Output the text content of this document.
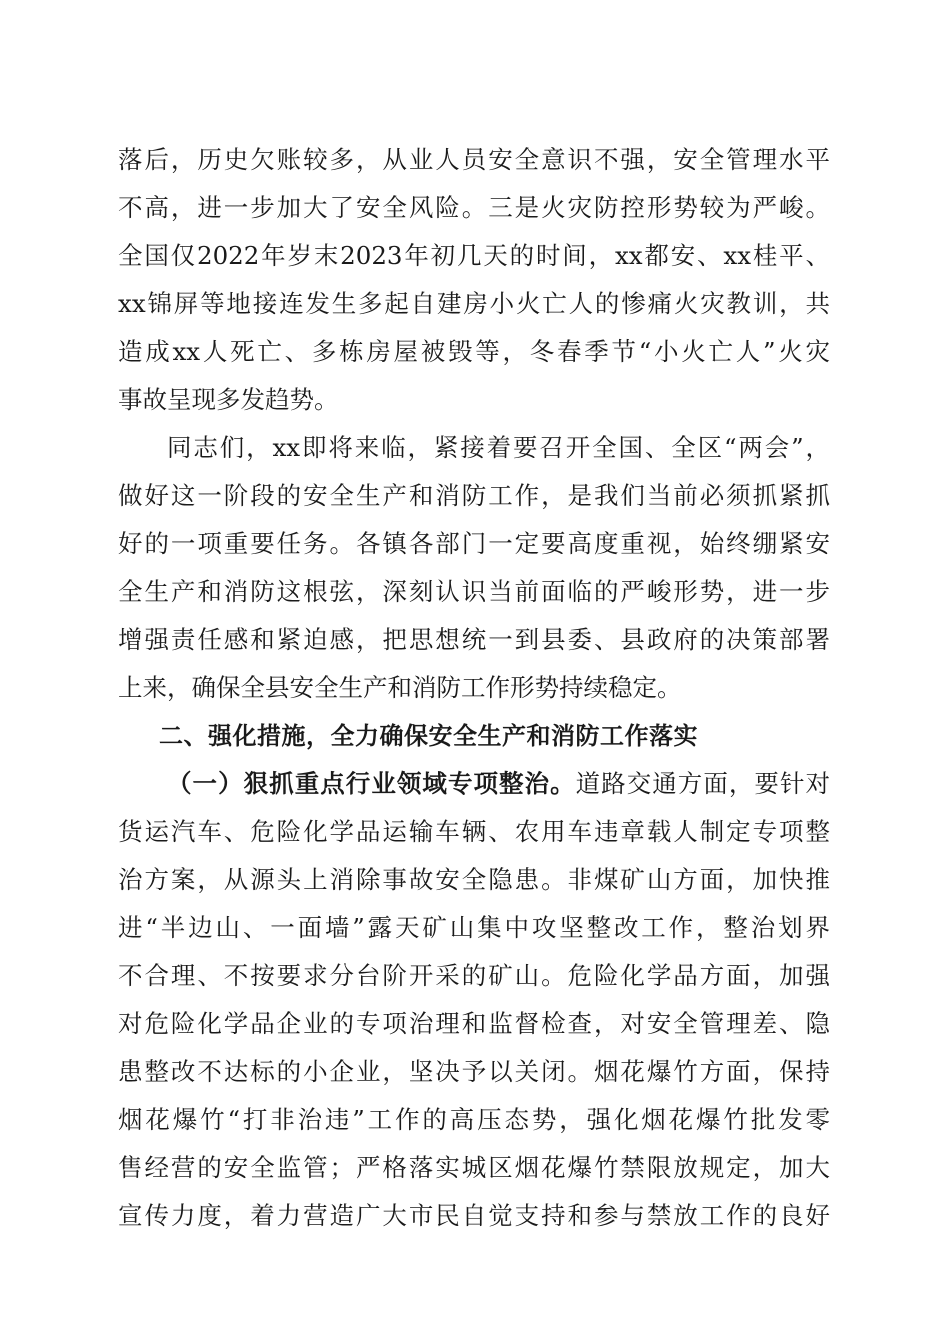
落后，历史欠账较多，从业人员安全意识不强，安全管理水平
不高，进一步加大了安全风险。三是火灾防控形势较为严峻。
全国仅2022年岁末2023年初几天的时间，xx都安、xx桂平、
xx锦屏等地接连发生多起自建房小火亡人的惨痛火灾教训，共
造成xx人死亡、多栋房屋被毁等，冬春季节“小火亡人”火灾
事故呈现多发趋势。
同志们，xx即将来临，紧接着要召开全国、全区“两会”，
做好这一阶段的安全生产和消防工作，是我们当前必须抓紧抓
好的一项重要任务。各镇各部门一定要高度重视，始终绷紧安
全生产和消防这根弦，深刻认识当前面临的严峻形势，进一步
增强责任感和紧迫感，把思想统一到县委、县政府的决策部署
上来，确保全县安全生产和消防工作形势持续稳定。
二、强化措施，全力确保安全生产和消防工作落实
（一）狠抓重点行业领域专项整治。道路交通方面，要针对
货运汽车、危险化学品运输车辆、农用车违章载人制定专项整
治方案，从源头上消除事故安全隐患。非煤矿山方面，加快推
进“半边山、一面墙”露天矿山集中攻坚整改工作，整治划界
不合理、不按要求分台阶开采的矿山。危险化学品方面，加强
对危险化学品企业的专项治理和监督检查，对安全管理差、隐
患整改不达标的小企业，坚决予以关闭。烟花爆竹方面，保持
烟花爆竹“打非治违”工作的高压态势，强化烟花爆竹批发零
售经营的安全监管；严格落实城区烟花爆竹禁限放规定，加大
宣传力度，着力营造广大市民自觉支持和参与禁放工作的良好
